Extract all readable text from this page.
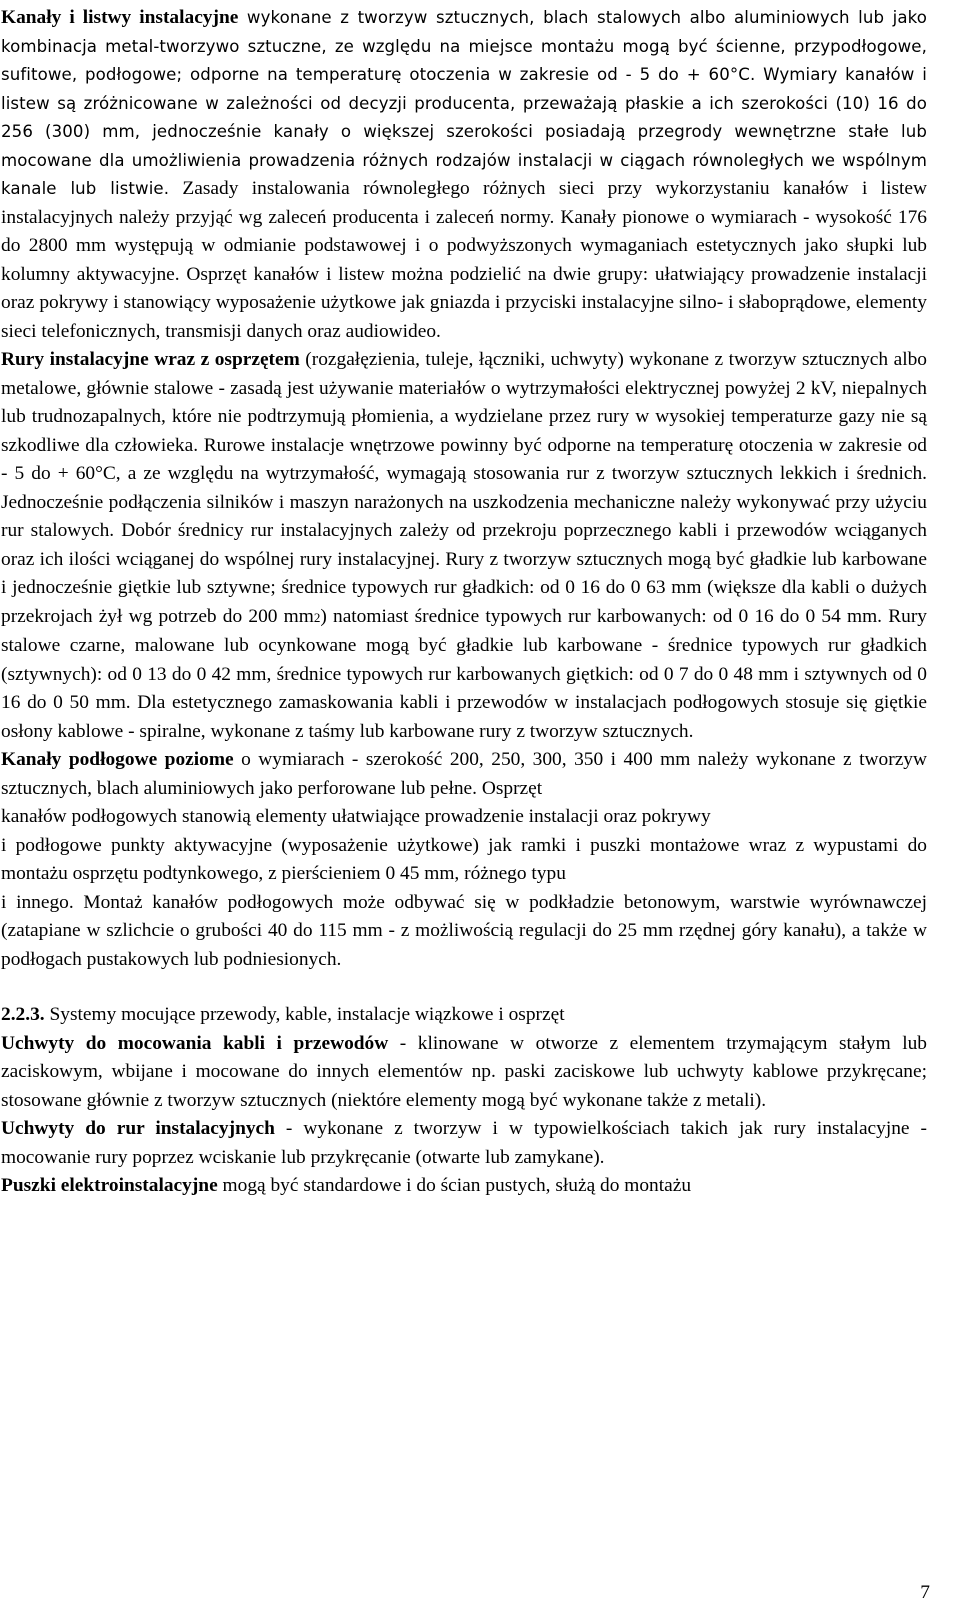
Kanały i listwy instalacyjne wykonane z tworzyw sztucznych, blach stalowych albo aluminiowych lub jako kombinacja metal-tworzywo sztuczne, ze względu na miejsce montażu mogą być ścienne, przypodłogowe, sufitowe, podłogowe; odporne na temperaturę otoczenia w zakresie od - 5 do + 60°C. Wymiary kanałów i listew są zróżnicowane w zależności od decyzji producenta, przeważają płaskie a ich szerokości (10) 16 do 256 (300) mm, jednocześnie kanały o większej szerokości posiadają przegrody wewnętrzne stałe lub mocowane dla umożliwienia prowadzenia różnych rodzajów instalacji w ciągach równoległych we wspólnym kanale lub listwie. Zasady instalowania równoległego różnych sieci przy wykorzystaniu kanałów i listew instalacyjnych należy przyjąć wg zaleceń producenta i zaleceń normy. Kanały pionowe o wymiarach - wysokość 176 do 2800 mm występują w odmianie podstawowej i o podwyższonych wymaganiach estetycznych jako słupki lub kolumny aktywacyjne. Osprzęt kanałów i listew można podzielić na dwie grupy: ułatwiający prowadzenie instalacji oraz pokrywy i stanowiący wyposażenie użytkowe jak gniazda i przyciski instalacyjne silno- i słaboprądowe, elementy sieci telefonicznych, transmisji danych oraz audiowideo.

Rury instalacyjne wraz z osprzętem (rozgałęzienia, tuleje, łączniki, uchwyty) wykonane z tworzyw sztucznych albo metalowe, głównie stalowe - zasadą jest używanie materiałów o wytrzymałości elektrycznej powyżej 2 kV, niepalnych lub trudnozapalnych, które nie podtrzymują płomienia, a wydzielane przez rury w wysokiej temperaturze gazy nie są szkodliwe dla człowieka. Rurowe instalacje wnętrzowe powinny być odporne na temperaturę otoczenia w zakresie od - 5 do + 60°C, a ze względu na wytrzymałość, wymagają stosowania rur z tworzyw sztucznych lekkich i średnich. Jednocześnie podłączenia silników i maszyn narażonych na uszkodzenia mechaniczne należy wykonywać przy użyciu rur stalowych. Dobór średnicy rur instalacyjnych zależy od przekroju poprzecznego kabli i przewodów wciąganych oraz ich ilości wciąganej do wspólnej rury instalacyjnej. Rury z tworzyw sztucznych mogą być gładkie lub karbowane i jednocześnie giętkie lub sztywne; średnice typowych rur gładkich: od 0 16 do 0 63 mm (większe dla kabli o dużych przekrojach żył wg potrzeb do 200 mm2) natomiast średnice typowych rur karbowanych: od 0 16 do 0 54 mm. Rury stalowe czarne, malowane lub ocynkowane mogą być gładkie lub karbowane - średnice typowych rur gładkich (sztywnych): od 0 13 do 0 42 mm, średnice typowych rur karbowanych giętkich: od 0 7 do 0 48 mm i sztywnych od 0 16 do 0 50 mm. Dla estetycznego zamaskowania kabli i przewodów w instalacjach podłogowych stosuje się giętkie osłony kablowe - spiralne, wykonane z taśmy lub karbowane rury z tworzyw sztucznych.

Kanały podłogowe poziome o wymiarach - szerokość 200, 250, 300, 350 i 400 mm należy wykonane z tworzyw sztucznych, blach aluminiowych jako perforowane lub pełne. Osprzęt

kanałów podłogowych stanowią elementy ułatwiające prowadzenie instalacji oraz pokrywy

i podłogowe punkty aktywacyjne (wyposażenie użytkowe) jak ramki i puszki montażowe wraz z wypustami do montażu osprzętu podtynkowego, z pierścieniem 0 45 mm, różnego typu

i innego. Montaż kanałów podłogowych może odbywać się w podkładzie betonowym, warstwie wyrównawczej (zatapiane w szlichcie o grubości 40 do 115 mm - z możliwością regulacji do 25 mm rzędnej góry kanału), a także w podłogach pustakowych lub podniesionych.

2.2.3. Systemy mocujące przewody, kable, instalacje wiązkowe i osprzęt

Uchwyty do mocowania kabli i przewodów - klinowane w otworze z elementem trzymającym stałym lub zaciskowym, wbijane i mocowane do innych elementów np. paski zaciskowe lub uchwyty kablowe przykręcane; stosowane głównie z tworzyw sztucznych (niektóre elementy mogą być wykonane także z metali).

Uchwyty do rur instalacyjnych - wykonane z tworzyw i w typowielkościach takich jak rury instalacyjne - mocowanie rury poprzez wciskanie lub przykręcanie (otwarte lub zamykane).

Puszki elektroinstalacyjne mogą być standardowe i do ścian pustych, służą do montażu

7
